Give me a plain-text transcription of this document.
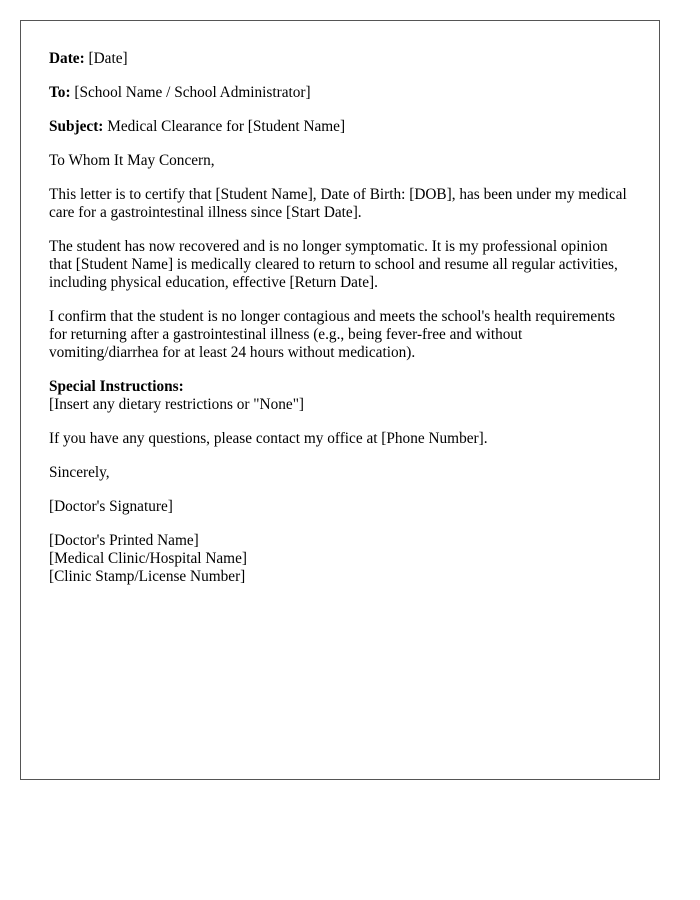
Date: [Date]

To: [School Name / School Administrator]

Subject: Medical Clearance for [Student Name]

To Whom It May Concern,

This letter is to certify that [Student Name], Date of Birth: [DOB], has been under my medical care for a gastrointestinal illness since [Start Date].

The student has now recovered and is no longer symptomatic. It is my professional opinion that [Student Name] is medically cleared to return to school and resume all regular activities, including physical education, effective [Return Date].

I confirm that the student is no longer contagious and meets the school's health requirements for returning after a gastrointestinal illness (e.g., being fever-free and without vomiting/diarrhea for at least 24 hours without medication).

Special Instructions:
[Insert any dietary restrictions or "None"]

If you have any questions, please contact my office at [Phone Number].

Sincerely,

[Doctor's Signature]

[Doctor's Printed Name]
[Medical Clinic/Hospital Name]
[Clinic Stamp/License Number]
